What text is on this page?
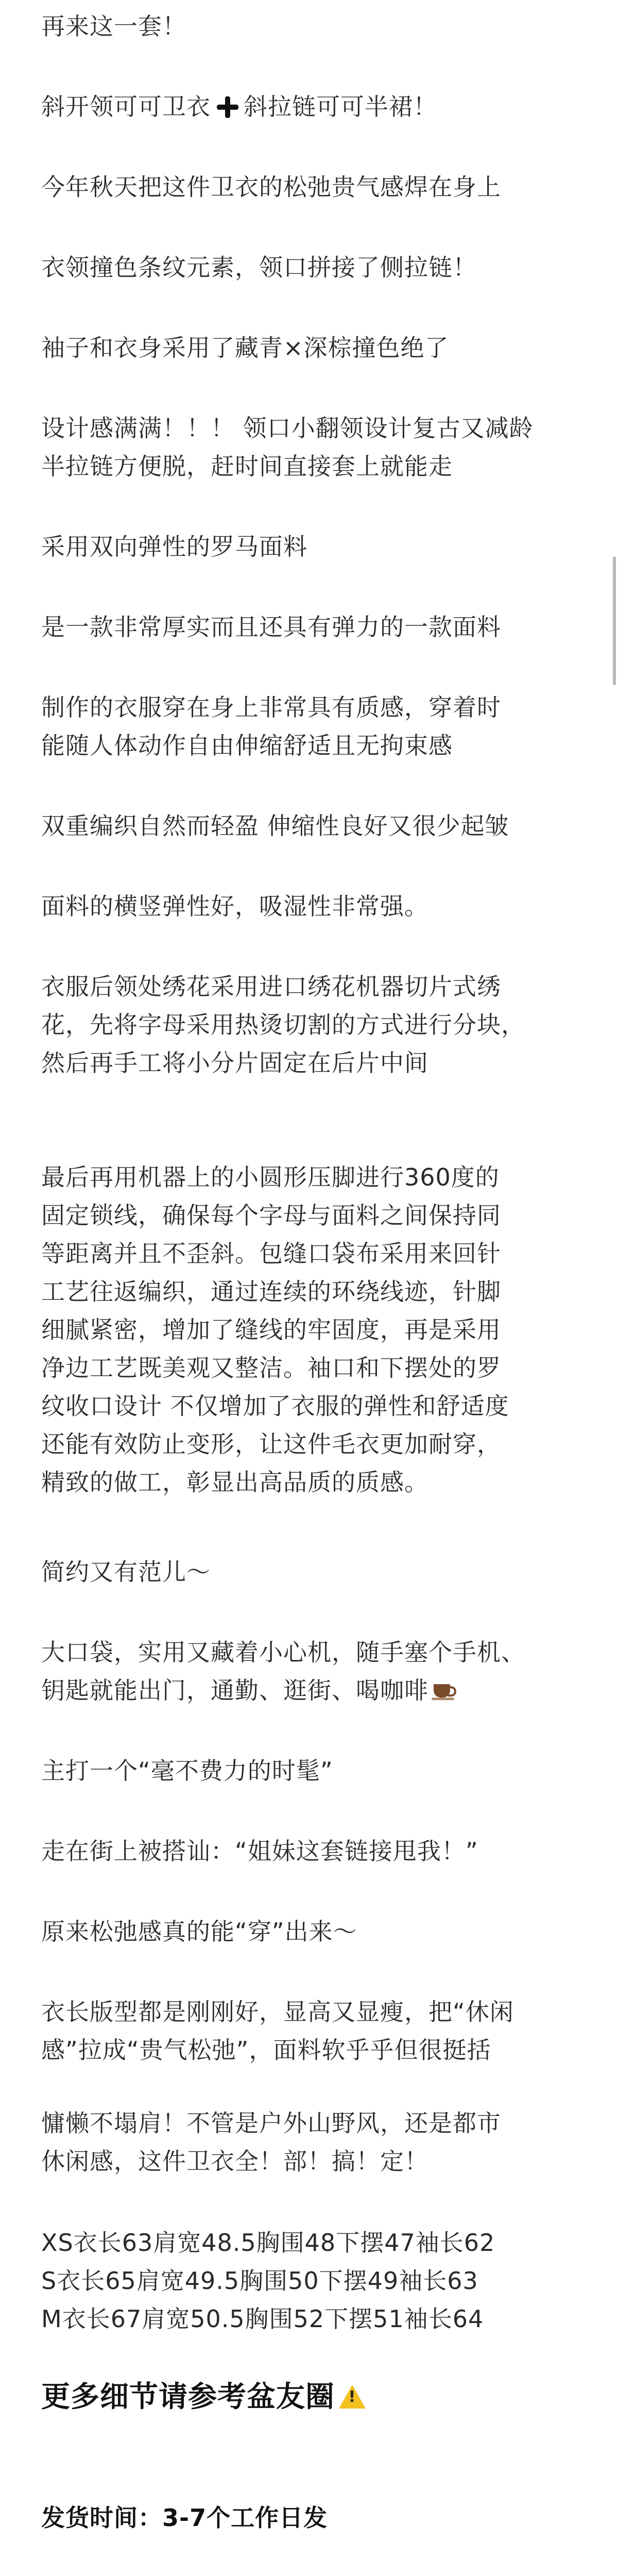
再来这一套！
斜开领可可卫衣 斜拉链可可半裙！
今年秋天把这件卫衣的松弛贵气感焊在身上
衣领撞色条纹元素，领口拼接了侧拉链！
袖子和衣身采用了藏青×深棕撞色绝了
设计感满满！！！ 领口小翻领设计复古又减龄
半拉链方便脱，赶时间直接套上就能走
采用双向弹性的罗马面料
是一款非常厚实而且还具有弹力的一款面料
制作的衣服穿在身上非常具有质感，穿着时
能随人体动作自由伸缩舒适且无拘束感
双重编织自然而轻盈 伸缩性良好又很少起皱
面料的横竖弹性好，吸湿性非常强。
衣服后领处绣花采用进口绣花机器切片式绣
花，先将字母采用热烫切割的方式进行分块，
然后再手工将小分片固定在后片中间
最后再用机器上的小圆形压脚进行360度的
固定锁线，确保每个字母与面料之间保持同
等距离并且不歪斜。包缝口袋布采用来回针
工艺往返编织，通过连续的环绕线迹，针脚
细腻紧密，增加了缝线的牢固度，再是采用
净边工艺既美观又整洁。袖口和下摆处的罗
纹收口设计 不仅增加了衣服的弹性和舒适度
还能有效防止变形，让这件毛衣更加耐穿，
精致的做工，彰显出高品质的质感。
简约又有范儿～
大口袋，实用又藏着小心机，随手塞个手机、
钥匙就能出门，通勤、逛街、喝咖啡
主打一个“毫不费力的时髦”
走在街上被搭讪：“姐妹这套链接甩我！”
原来松弛感真的能“穿”出来～
衣长版型都是刚刚好，显高又显瘦，把“休闲
感”拉成“贵气松弛”，面料软乎乎但很挺括
慵懒不塌肩！不管是户外山野风，还是都市
休闲感，这件卫衣全！部！搞！定！
XS衣长63肩宽48.5胸围48下摆47袖长62
S衣长65肩宽49.5胸围50下摆49袖长63
M衣长67肩宽50.5胸围52下摆51袖长64
更多细节请参考盆友圈 !
发货时间：3-7个工作日发
